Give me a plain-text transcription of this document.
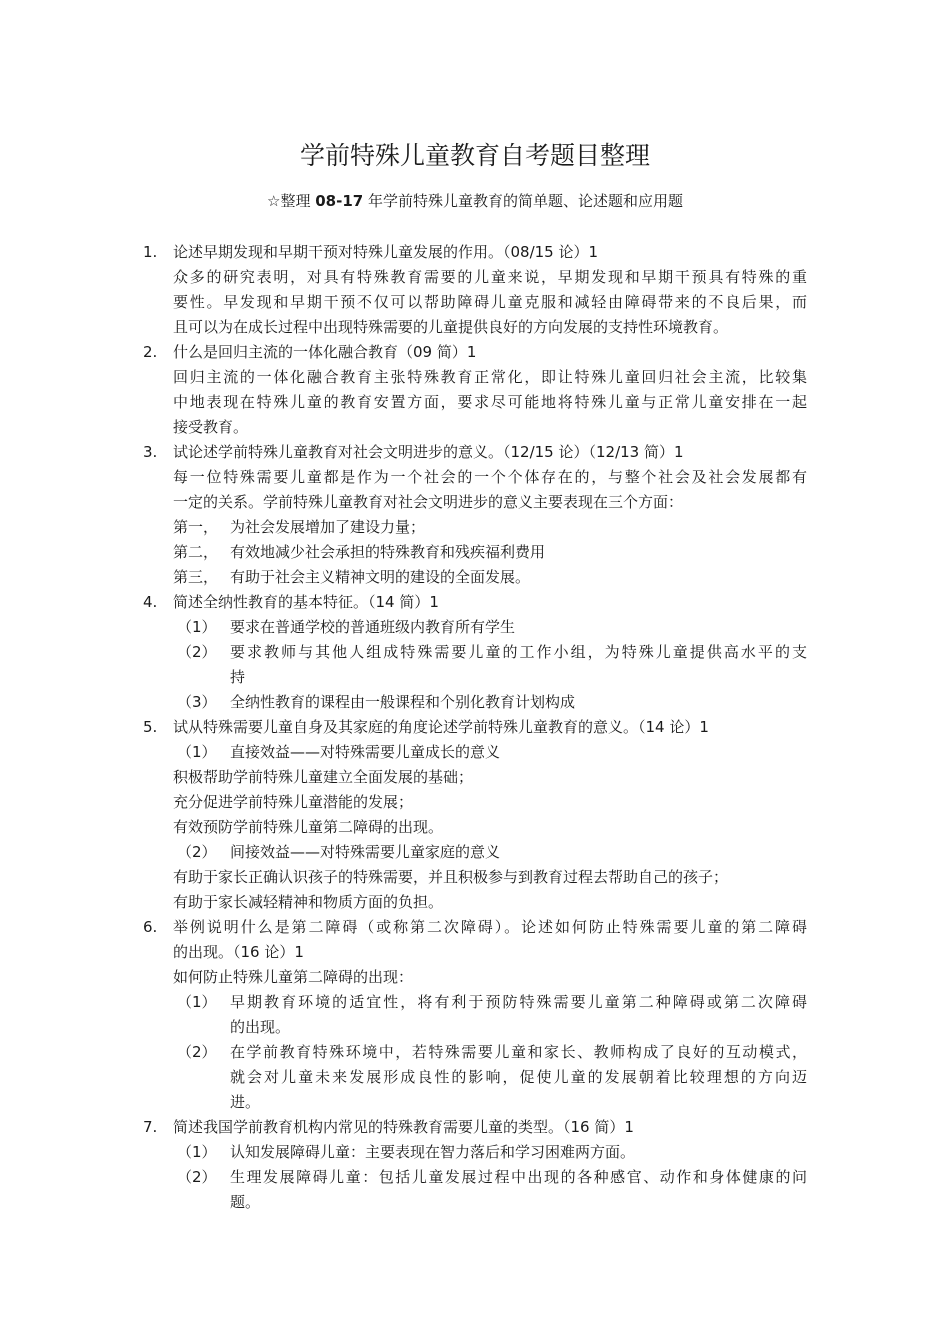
学前特殊儿童教育自考题目整理

☆整理 08-17 年学前特殊儿童教育的简单题、论述题和应用题

1.	论述早期发现和早期干预对特殊儿童发展的作用。（08/15 论）1
众多的研究表明，对具有特殊教育需要的儿童来说，早期发现和早期干预具有特殊的重
要性。早发现和早期干预不仅可以帮助障碍儿童克服和减轻由障碍带来的不良后果，而
且可以为在成长过程中出现特殊需要的儿童提供良好的方向发展的支持性环境教育。
2.	什么是回归主流的一体化融合教育（09 简）1
回归主流的一体化融合教育主张特殊教育正常化，即让特殊儿童回归社会主流，比较集
中地表现在特殊儿童的教育安置方面，要求尽可能地将特殊儿童与正常儿童安排在一起
接受教育。
3.	试论述学前特殊儿童教育对社会文明进步的意义。（12/15 论）（12/13 简）1
每一位特殊需要儿童都是作为一个社会的一个个体存在的，与整个社会及社会发展都有
一定的关系。学前特殊儿童教育对社会文明进步的意义主要表现在三个方面：
第一， 为社会发展增加了建设力量；
第二， 有效地减少社会承担的特殊教育和残疾福利费用
第三， 有助于社会主义精神文明的建设的全面发展。
4.	简述全纳性教育的基本特征。（14 简）1
（1） 要求在普通学校的普通班级内教育所有学生
（2） 要求教师与其他人组成特殊需要儿童的工作小组，为特殊儿童提供高水平的支
持
（3） 全纳性教育的课程由一般课程和个别化教育计划构成
5.	试从特殊需要儿童自身及其家庭的角度论述学前特殊儿童教育的意义。（14 论）1
（1） 直接效益——对特殊需要儿童成长的意义
积极帮助学前特殊儿童建立全面发展的基础；
充分促进学前特殊儿童潜能的发展；
有效预防学前特殊儿童第二障碍的出现。
（2） 间接效益——对特殊需要儿童家庭的意义
有助于家长正确认识孩子的特殊需要，并且积极参与到教育过程去帮助自己的孩子；
有助于家长减轻精神和物质方面的负担。
6.	举例说明什么是第二障碍（或称第二次障碍）。论述如何防止特殊需要儿童的第二障碍
的出现。（16 论）1
如何防止特殊儿童第二障碍的出现：
（1） 早期教育环境的适宜性，将有利于预防特殊需要儿童第二种障碍或第二次障碍
的出现。
（2） 在学前教育特殊环境中，若特殊需要儿童和家长、教师构成了良好的互动模式，
就会对儿童未来发展形成良性的影响，促使儿童的发展朝着比较理想的方向迈
进。
7.	简述我国学前教育机构内常见的特殊教育需要儿童的类型。（16 简）1
（1） 认知发展障碍儿童：主要表现在智力落后和学习困难两方面。
（2） 生理发展障碍儿童：包括儿童发展过程中出现的各种感官、动作和身体健康的问
题。
